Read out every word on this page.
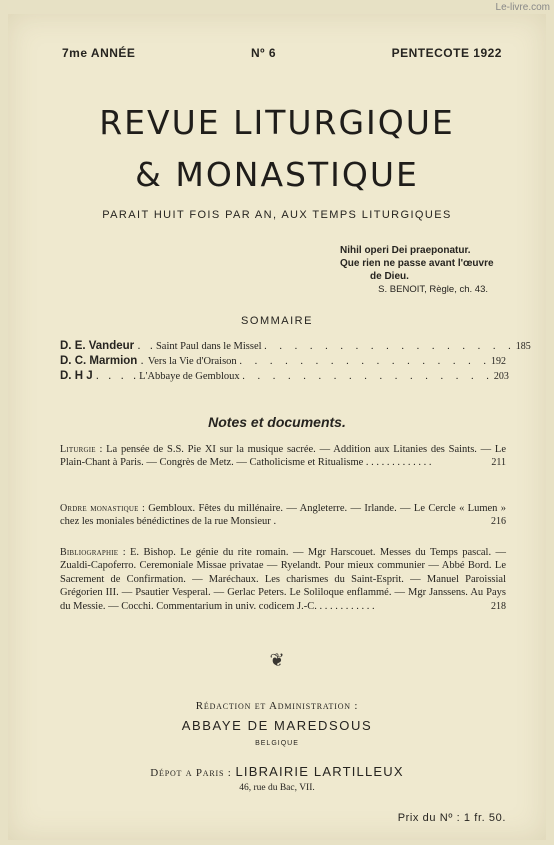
Le-livre.com
7me ANNÉE	Nº 6	PENTECOTE 1922
REVUE LITURGIQUE
& MONASTIQUE
PARAIT HUIT FOIS PAR AN, AUX TEMPS LITURGIQUES
Nihil operi Dei praeponatur.
Que rien ne passe avant l'œuvre
de Dieu.
S. BENOIT, Règle, ch. 43.
SOMMAIRE
D. E. Vandeur . . Saint Paul dans le Missel . . . . . . . . . . . . . . . . . 185
D. C. Marmion . Vers la Vie d'Oraison . . . . . . . . . . . . . . . . . 192
D. H J . . . . L'Abbaye de Gembloux . . . . . . . . . . . . . . . . . 203
Notes et documents.
Liturgie : La pensée de S.S. Pie XI sur la musique sacrée. — Addition aux Litanies des Saints. — Le Plain-Chant à Paris. — Congrès de Metz. — Catholicisme et Ritualisme . . . . . . . . . . . . .	211
Ordre monastique : Gembloux. Fêtes du millénaire. — Angleterre. — Irlande. — Le Cercle « Lumen » chez les moniales bénédictines de la rue Monsieur .	216
Bibliographie : E. Bishop. Le génie du rite romain. — Mgr Harscouet. Messes du Temps pascal. — Zualdi-Capoferro. Ceremoniale Missae privatae — Ryelandt. Pour mieux communier — Abbé Bord. Le Sacrement de Confirmation. — Maréchaux. Les charismes du Saint-Esprit. — Manuel Paroissial Grégorien III. — Psautier Vesperal. — Gerlac Peters. Le Soliloque enflammé. — Mgr Janssens. Au Pays du Messie. — Cocchi. Commentarium in univ. codicem J.-C. . . . . . . . . . . .	218
❦
Rédaction et Administration :
ABBAYE DE MAREDSOUS
BELGIQUE
Dépot a Paris : LIBRAIRIE LARTILLEUX
46, rue du Bac, VII.
Prix du Nº : 1 fr. 50.
